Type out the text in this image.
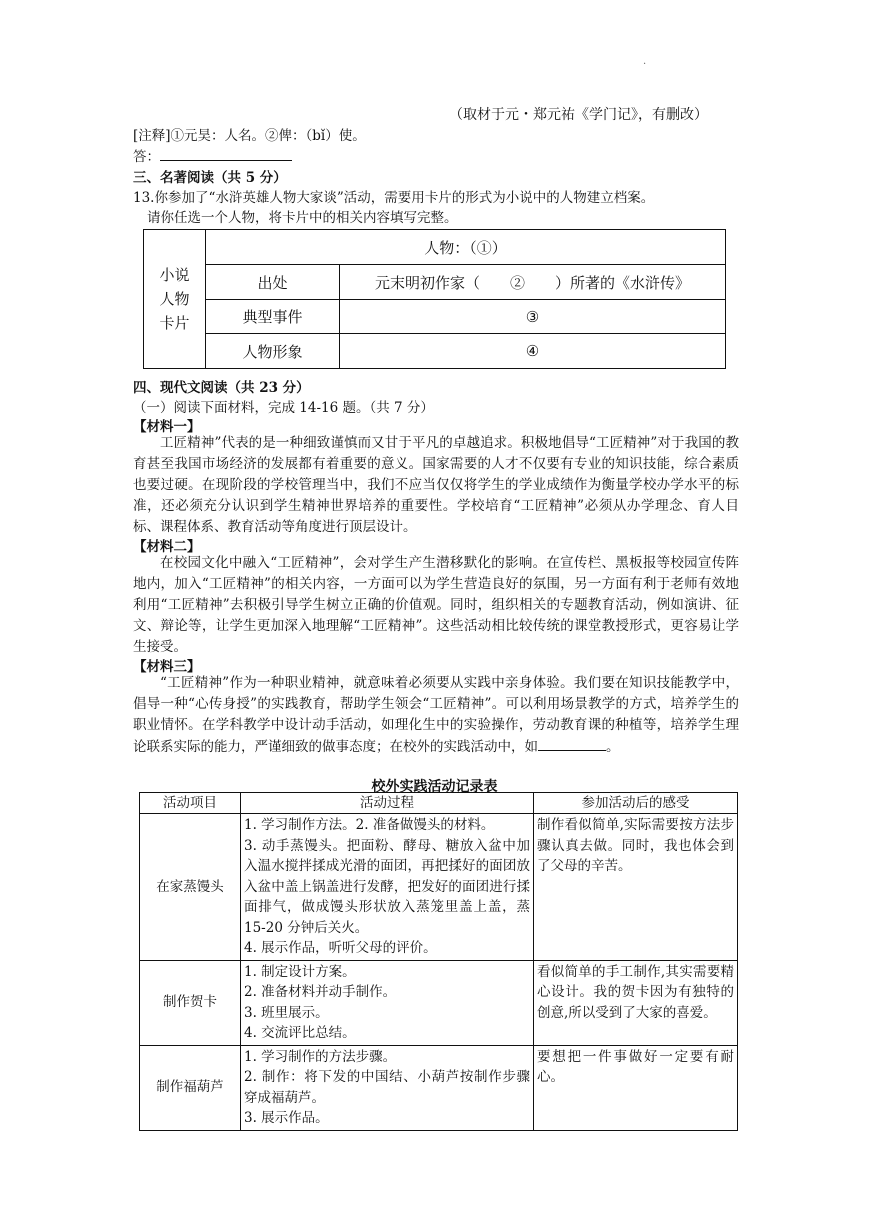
.
（取材于元・郑元祐《学门记》，有删改）
[注释]①元昊：人名。②俾：（bǐ）使。
答：
三、名著阅读（共 5 分）
13.你参加了“水浒英雄人物大家谈”活动，需要用卡片的形式为小说中的人物建立档案。
请你任选一个人物，将卡片中的相关内容填写完整。
小说
人物
卡片	人物：（①）	
	出处	元末明初作家（　　②　　）所著的《水浒传》
	典型事件	③
	人物形象	④
四、现代文阅读（共 23 分）
（一）阅读下面材料，完成 14-16 题。（共 7 分）
【材料一】

工匠精神”代表的是一种细致谨慎而又甘于平凡的卓越追求。积极地倡导“工匠精神”对于我国的教育甚至我国市场经济的发展都有着重要的意义。国家需要的人才不仅要有专业的知识技能，综合素质也要过硬。在现阶段的学校管理当中，我们不应当仅仅将学生的学业成绩作为衡量学校办学水平的标准，还必须充分认识到学生精神世界培养的重要性。学校培育“工匠精神”必须从办学理念、育人目标、课程体系、教育活动等角度进行顶层设计。

【材料二】

在校园文化中融入“工匠精神”，会对学生产生潜移默化的影响。在宣传栏、黑板报等校园宣传阵地内，加入“工匠精神”的相关内容，一方面可以为学生营造良好的氛围，另一方面有利于老师有效地利用“工匠精神”去积极引导学生树立正确的价值观。同时，组织相关的专题教育活动，例如演讲、征文、辩论等，让学生更加深入地理解“工匠精神”。这些活动相比较传统的课堂教授形式，更容易让学生接受。

【材料三】

“工匠精神”作为一种职业精神，就意味着必须要从实践中亲身体验。我们要在知识技能教学中，倡导一种“心传身授”的实践教育，帮助学生领会“工匠精神”。可以利用场景教学的方式，培养学生的职业情怀。在学科教学中设计动手活动，如理化生中的实验操作，劳动教育课的种植等，培养学生理论联系实际的能力，严谨细致的做事态度；在校外的实践活动中，如	。

校外实践活动记录表
活动项目	活动过程	参加活动后的感受
在家蒸馒头	1. 学习制作方法。2. 准备做馒头的材料。
3. 动手蒸馒头。把面粉、酵母、糖放入盆中加入温水搅拌揉成光滑的面团，再把揉好的面团放入盆中盖上锅盖进行发酵，把发好的面团进行揉面排气，做成馒头形状放入蒸笼里盖上盖，蒸 15-20 分钟后关火。
4. 展示作品，听听父母的评价。	制作看似简单,实际需要按方法步骤认真去做。同时，我也体会到了父母的辛苦。
制作贺卡	1. 制定设计方案。
2. 准备材料并动手制作。
3. 班里展示。
4. 交流评比总结。	看似简单的手工制作,其实需要精心设计。我的贺卡因为有独特的创意,所以受到了大家的喜爱。
制作福葫芦	1. 学习制作的方法步骤。
2. 制作：将下发的中国结、小葫芦按制作步骤穿成福葫芦。
3. 展示作品。	要想把一件事做好一定要有耐心。
